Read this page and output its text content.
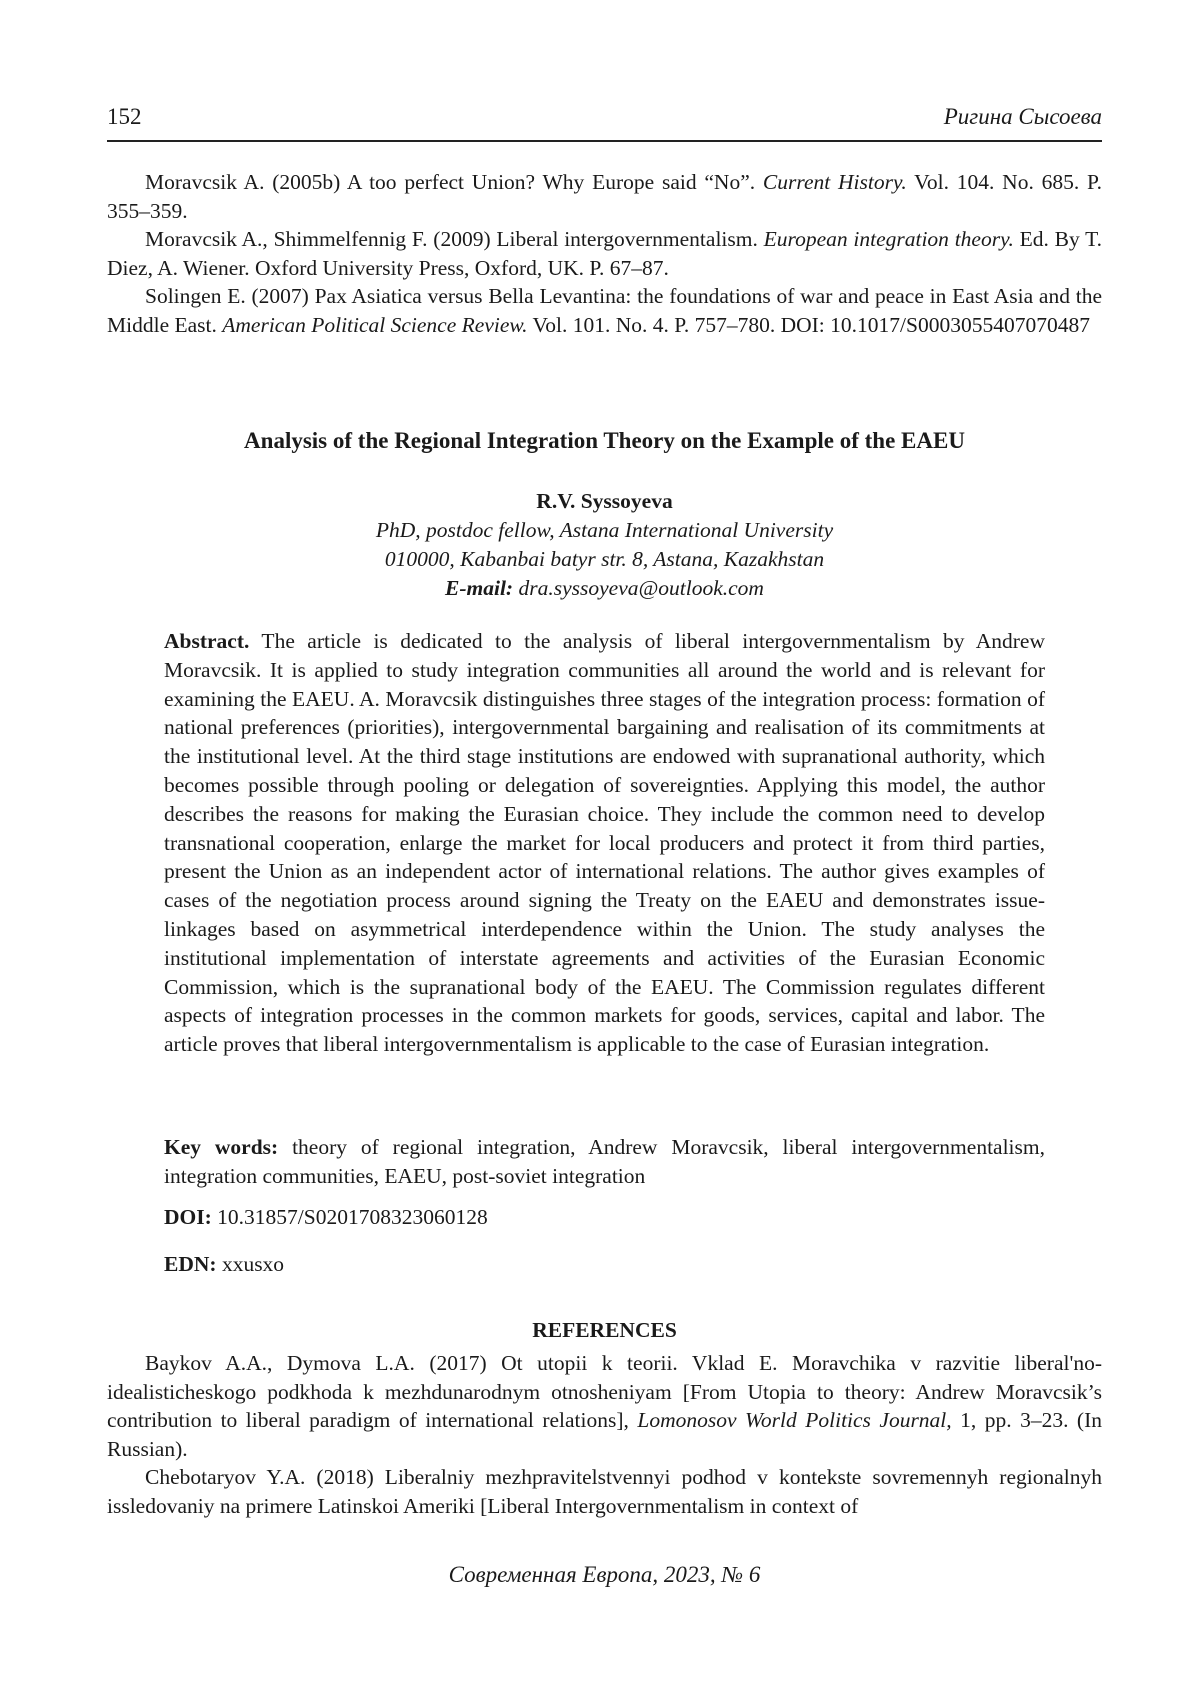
152	Ригина Сысоева

Moravcsik A. (2005b) A too perfect Union? Why Europe said “No”. Current History. Vol. 104. No. 685. P. 355–359.

Moravcsik A., Shimmelfennig F. (2009) Liberal intergovernmentalism. European integration theory. Ed. By T. Diez, A. Wiener. Oxford University Press, Oxford, UK. P. 67–87.

Solingen E. (2007) Pax Asiatica versus Bella Levantina: the foundations of war and peace in East Asia and the Middle East. American Political Science Review. Vol. 101. No. 4. P. 757–780. DOI: 10.1017/S0003055407070487

Analysis of the Regional Integration Theory on the Example of the EAEU
R.V. Syssoyeva
PhD, postdoc fellow, Astana International University
010000, Kabanbai batyr str. 8, Astana, Kazakhstan
E-mail: dra.syssoyeva@outlook.com

Abstract. The article is dedicated to the analysis of liberal intergovernmentalism by Andrew Moravcsik. It is applied to study integration communities all around the world and is relevant for examining the EAEU. A. Moravcsik distinguishes three stages of the integration process: formation of national preferences (priorities), intergovernmental bargaining and realisation of its commitments at the institutional level. At the third stage institutions are endowed with supranational authority, which becomes possible through pooling or delegation of sovereignties. Applying this model, the author describes the reasons for making the Eurasian choice. They include the common need to develop transnational cooperation, enlarge the market for local producers and protect it from third parties, present the Union as an independent actor of international relations. The author gives examples of cases of the negotiation process around signing the Treaty on the EAEU and demonstrates issue-linkages based on asymmetrical interdependence within the Union. The study analyses the institutional implementation of interstate agreements and activities of the Eurasian Economic Commission, which is the supranational body of the EAEU. The Commission regulates different aspects of integration processes in the common markets for goods, services, capital and labor. The article proves that liberal intergovernmentalism is applicable to the case of Eurasian integration.

Key words: theory of regional integration, Andrew Moravcsik, liberal intergovernmentalism, integration communities, EAEU, post-soviet integration

DOI: 10.31857/S0201708323060128
EDN: xxusxo
REFERENCES

Baykov A.A., Dymova L.A. (2017) Ot utopii k teorii. Vklad E. Moravchika v razvitie liberal'no-idealisticheskogo podkhoda k mezhdunarodnym otnosheniyam [From Utopia to theory: Andrew Moravcsik’s contribution to liberal paradigm of international relations], Lomonosov World Politics Journal, 1, pp. 3–23. (In Russian).

Chebotaryov Y.A. (2018) Liberalniy mezhpravitelstvennyi podhod v kontekste sovremennyh regionalnyh issledovaniy na primere Latinskoi Ameriki [Liberal Intergovernmentalism in context of

Современная Европа, 2023, № 6
